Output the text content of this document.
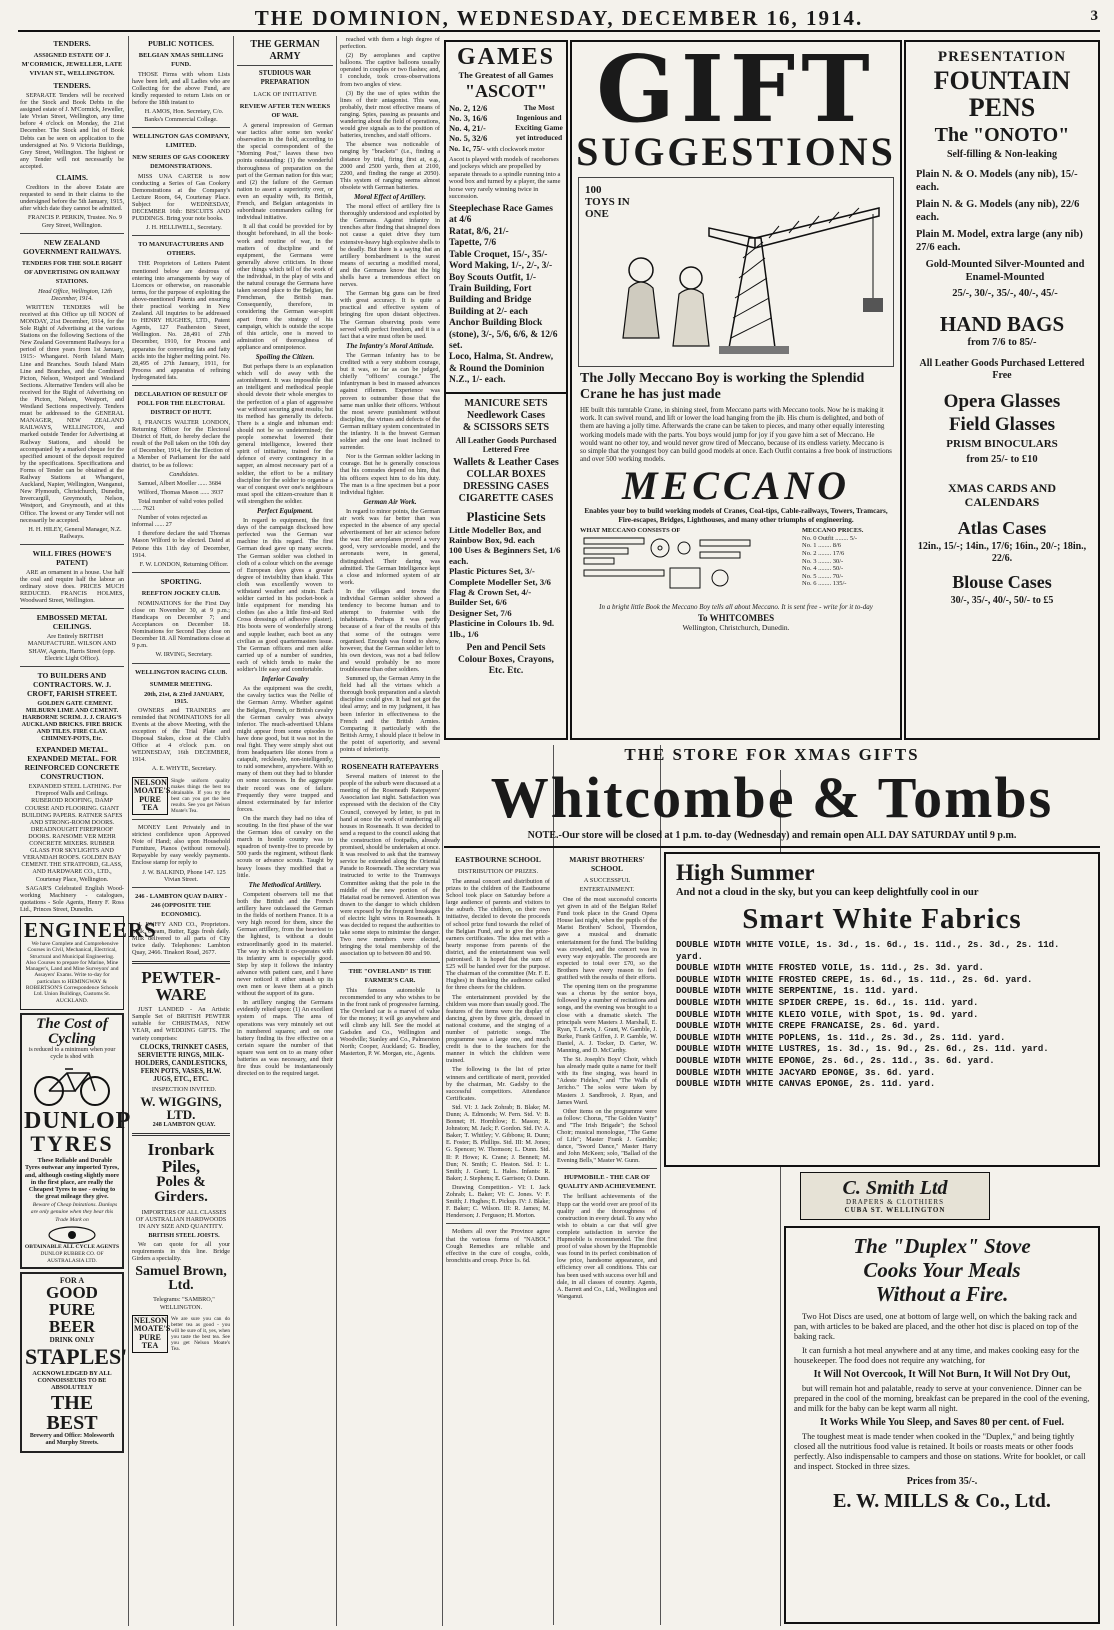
THE DOMINION, WEDNESDAY, DECEMBER 16, 1914.	3
TENDERS.
ASSIGNED ESTATE OF J. M'CORMICK, JEWELLER, LATE VIVIAN ST., WELLINGTON.
TENDERS.

SEPARATE Tenders will be received for the Stock and Book Debts in the assigned estate of J. M'Cormick, Jeweller, late Vivian Street, Wellington, any time before 4 o'clock on Monday, the 21st December. The Stock and list of Book Debts can be seen on application to the undersigned at No. 9 Victoria Buildings, Grey Street, Wellington. The highest or any Tender will not necessarily be accepted.

CLAIMS.

Creditors in the above Estate are requested to send in their claims to the undersigned before the 5th January, 1915, after which date they cannot be admitted.

FRANCIS P. PERKIN, Trustee. No. 9 Grey Street, Wellington.

NEW ZEALAND GOVERNMENT RAILWAYS.
TENDERS FOR THE SOLE RIGHT OF ADVERTISING ON RAILWAY STATIONS.

Head Office, Wellington, 12th December, 1914.

WRITTEN TENDERS will be received at this Office up till NOON of MONDAY, 21st December, 1914, for the Sole Right of Advertising at the various Stations on the following Sections of the New Zealand Government Railways for a period of three years from 1st January, 1915:- Whangarei. North Island Main Line and Branches. South Island Main Line and Branches, and the Combined Picton, Nelson, Westport and Westland Sections. Alternative Tenders will also be received for the Right of Advertising on the Picton, Nelson, Westport, and Westland Sections respectively. Tenders must be addressed to the GENERAL MANAGER, NEW ZEALAND RAILWAYS, WELLINGTON, and marked outside Tender for Advertising at Railway Stations, and should be accompanied by a marked cheque for the specified amount of the deposit required by the specifications. Specifications and Forms of Tender can be obtained at the Railway Stations at Whangarei, Auckland, Napier, Wellington, Wanganui, New Plymouth, Christchurch, Dunedin, Invercargill, Greymouth, Nelson, Westport, and Greymouth, and at this Office. The lowest or any Tender will not necessarily be accepted.

H. H. HILEY, General Manager, N.Z. Railways.

WILL FIRES (HOWE'S PATENT)

ARE an ornament in a house. Use half the coal and require half the labour an ordinary stove does. PRICES MUCH REDUCED. FRANCIS HOLMES, Woodward Street, Wellington.

EMBOSSED METAL CEILINGS.

Are Entirely BRITISH MANUFACTURE. WILSON AND SHAW, Agents, Harris Street (opp. Electric Light Office).

TO BUILDERS AND CONTRACTORS. W. J. CROFT, FARISH STREET.

GOLDEN GATE CEMENT. MILBURN LIME AND CEMENT. HARBORNE SCRIM. J. J. CRAIG'S AUCKLAND BRICKS. FIRE BRICK AND TILES. FIRE CLAY. CHIMNEY-POTS, Etc.

EXPANDED METAL. EXPANDED METAL. FOR REINFORCED CONCRETE CONSTRUCTION.

EXPANDED STEEL LATHING. For Fireproof Walls and Ceilings. RUBEROID ROOFING, DAMP COURSE AND FLOORING. GIANT BUILDING PAPERS. RATNER SAFES AND STRONG-ROOM DOORS. DREADNOUGHT FIREPROOF DOORS. RANSOME VER MEHR CONCRETE MIXERS. RUBBER GLASS FOR SKYLIGHTS AND VERANDAH ROOFS. GOLDEN BAY CEMENT. THE STRATFORD, GLASS, AND HARDWARE CO., LTD., Courtenay Place, Wellington.

SAGAR'S Celebrated English Wood-working Machinery - catalogues, quotations - Sole Agents, Henry F. Ross Ltd., Princes Street, Dunedin.

ENGINEERS

We have Complete and Comprehensive Courses in Civil, Mechanical, Electrical, Structural and Municipal Engineering. Also Courses to prepare for Marine, Mine Manager's, Land and Mine Surveyors' and Assayers' Exams. Write to-day for particulars to HEMINGWAY & ROBERTSON'S Correspondence Schools Ltd. Union Buildings, Customs St. AUCKLAND.

The Cost of Cycling
is reduced to a minimum when your cycle is shod with
DUNLOP
TYRES

These Reliable and Durable Tyres outwear any imported Tyres, and, although costing slightly more in the first place, are really the Cheapest Tyres to use - owing to the great mileage they give.

Beware of Cheap Imitations. Dunlops are only genuine when they bear this Trade Mark on

OBTAINABLE ALL CYCLE AGENTS
DUNLOP RUBBER CO. OF AUSTRALASIA LTD.
FOR A
GOOD PURE BEER
DRINK ONLY
STAPLES'
ACKNOWLEDGED BY ALL CONNOISSEURS TO BE ABSOLUTELY
THE BEST
Brewery and Office: Molesworth and Murphy Streets.
PUBLIC NOTICES.
BELGIAN XMAS SHILLING FUND.

THOSE Firms with whom Lists have been left, and all Ladies who are Collecting for the above Fund, are kindly requested to return Lists on or before the 18th instant to

H. AMOS, Hon. Secretary, C/o. Banks's Commercial College.

WELLINGTON GAS COMPANY, LIMITED.
NEW SERIES OF GAS COOKERY DEMONSTRATIONS.

MISS UNA CARTER is now conducting a Series of Gas Cookery Demonstrations at the Company's Lecture Room, 64, Courtenay Place. Subject for WEDNESDAY, DECEMBER 16th: BISCUITS AND PUDDINGS. Bring your note books.

J. H. HELLIWELL, Secretary.

TO MANUFACTURERS AND OTHERS.

THE Proprietors of Letters Patent mentioned below are desirous of entering into arrangements by way of Licences or otherwise, on reasonable terms, for the purpose of exploiting the above-mentioned Patents and ensuring their practical working in New Zealand. All inquiries to be addressed to HENRY HUGHES, LTD., Patent Agents, 127 Featherston Street, Wellington. No. 28,491 of 27th December, 1910, for Process and apparatus for converting fats and fatty acids into the higher melting point. No. 28,495 of 27th January, 1911, for Process and apparatus of refining hydrogenated fats.

DECLARATION OF RESULT OF POLL FOR THE ELECTORAL DISTRICT OF HUTT.

I, FRANCIS WALTER LONDON, Returning Officer for the Electoral District of Hutt, do hereby declare the result of the Poll taken on the 10th day of December, 1914, for the Election of a Member of Parliament for the said district, to be as follows:

Candidates.

Samuel, Albert Moeller ...... 3684

Wilford, Thomas Mason ...... 3937

Total number of valid votes polled ...... 7621

Number of votes rejected as informal ...... 27

I therefore declare the said Thomas Mason Wilford to be elected. Dated at Petone this 11th day of December, 1914.

F. W. LONDON, Returning Officer.

SPORTING.
REEFTON JOCKEY CLUB.

NOMINATIONS for the First Day close on November 30, at 9 p.m.; Handicaps on December 7; and Acceptances on December 18. Nominations for Second Day close on December 18. All Nominations close at 9 p.m.

W. IRVING, Secretary.

WELLINGTON RACING CLUB.
SUMMER MEETING.

20th, 21st, & 23rd JANUARY, 1915.

OWNERS and TRAINERS are reminded that NOMINATIONS for all Events at the above Meeting, with the exception of the Trial Plate and Disposal Stakes, close at the Club's Office at 4 o'clock p.m. on WEDNESDAY, 16th DECEMBER, 1914.

A. E. WHYTE, Secretary.

NELSON MOATE'S PURE TEA
Single uniform quality makes things the best tea obtainable. If you try the best can you get the best results. See you get Nelson Moate's Tea.

MONEY Lent Privately and in strictest confidence upon Approved Note of Hand; also upon Household Furniture, Pianos (without removal). Repayable by easy weekly payments. Enclose stamp for reply to

J. W. BALKIND, Phone 147. 125 Vivian Street.

246 - LAMBTON QUAY DAIRY - 246 (OPPOSITE THE ECONOMIC).

J. DUFFY AND CO., Proprietors. Milk, Cream, Butter, Eggs fresh daily. Milk delivered to all parts of City twice daily. Telephones: Lambton Quay, 2466. Tinakori Road, 2677.

PEWTER-WARE

JUST LANDED - An Artistic Sample Set of BRITISH PEWTER suitable for CHRISTMAS, NEW YEAR, and WEDDING GIFTS. The variety comprises:

CLOCKS, TRINKET CASES, SERVIETTE RINGS, MILK-HOLDERS, CANDLESTICKS, FERN POTS, VASES, H.W. JUGS, ETC., ETC.

INSPECTION INVITED.

W. WIGGINS, LTD.

248 LAMBTON QUAY.

Ironbark Piles,
Poles & Girders.

IMPORTERS OF ALL CLASSES OF AUSTRALIAN HARDWOODS IN ANY SIZE AND QUANTITY.

BRITISH STEEL JOISTS.

We can quote for all your requirements in this line. Bridge Girders a speciality.

Samuel Brown, Ltd.

Telegrams: "SAMBRO," WELLINGTON.

NELSON MOATE'S PURE TEA
We are sure you can do better tea as good - you will be sure of it, yes, when you taste the best tea. See you get Nelson Moate's Tea.
THE GERMAN ARMY
STUDIOUS WAR PREPARATION
LACK OF INITIATIVE
REVIEW AFTER TEN WEEKS OF WAR.

A general impression of German war tactics after some ten weeks' observation in the field, according to the special correspondent of the "Morning Post," leaves these two points outstanding: (1) the wonderful thoroughness of preparation on the part of the German nation for this war; and (2) the failure of the German nation to assert a superiority over, or even an equality with, its British, French, and Belgian antagonists in subordinate commanders calling for individual initiative.

It all that could be provided for by thought beforehand, in all the book-work and routine of war, in the matters of discipline and of equipment, the Germans were generally above criticism. In those other things which tell of the work of the individual, in the play of wits and the natural courage the Germans have taken second place to the Belgian, the Frenchman, the British man. Consequently, therefore, in considering the German war-spirit apart from the strategy of his campaign, which is outside the scope of this article, one is moved to admiration of thoroughness of appliance and omnipotence.

Spoiling the Citizen.

But perhaps there is an explanation which will do away with the astonishment. It was impossible that an intelligent and methodical people should devote their whole energies to the perfection of a plan of aggressive war without securing great results; but its method has generally its defects. There is a single and inhuman end: should not be so undetermined; the people somewhat lowered their general intelligence, lowered their spirit of initiative, trained for the defence of every contingency in a sapper, an almost necessary part of a soldier, the effort to be a military discipline for the soldier to organise a war of conquest over one's neighbours must spoil the citizen-creature than it will strengthen the soldier.

Perfect Equipment.

In regard to equipment, the first days of the campaign disclosed how perfected was the German war machine in this regard. The first German dead gave up many secrets. The German soldier was clothed in cloth of a colour which on the average of European days gives a greater degree of invisibility than khaki. This cloth was excellently woven to withstand weather and strain. Each soldier carried in his pocket-book a little equipment for mending his clothes (as also a little first-aid Red Cross dressings of adhesive plaster). His boots were of wonderfully strong and supple leather, each boot as any civilian as good quartermasters issue. The German officers and men alike carried up of a number of sundries, each of which tends to make the soldier's life easy and comfortable.

Inferior Cavalry

As the equipment was the credit, the cavalry tactics was the Nellie of the German Army. Whether against the Belgian, French, or British cavalry the German cavalry was always inferior. The much-advertised Uhlans might appear from some episodes to have done good, but it was not in the real fight. They were simply shot out from headquarters like stones from a catapult, recklessly, non-intelligently, to raid somewhere, anywhere. With so many of them out they had to blunder on some successes. In the aggregate their record was one of failure. Frequently they were trapped and almost exterminated by far inferior forces.

On the march they had no idea of scouting. In the first phase of the war the German idea of cavalry on the march in hostile country was to squadron of twenty-five to precede by 500 yards the regiment, without flank scouts or advance scouts. Taught by heavy losses they modified that a little.

The Methodical Artillery.

Competent observers tell me that both the British and the French artillery have outclassed the German in the fields of northern France. It is a very high record for them, since the German artillery, from the heaviest to the lightest, is without a doubt extraordinarily good in its materiel. The way in which it co-operates with its infantry arm is especially good. Step by step it follows the infantry advance with patient care, and I have never noticed it either smash up its own men or leave them at a pinch without the support of its guns.

In artillery ranging the Germans evidently relied upon: (1) An excellent system of maps. The area of operations was very minutely set out in numbered squares; and on one battery finding its five effective on a certain square the number of that square was sent on to as many other batteries as was necessary, and their fire thus could be instantaneously directed on to the required target.

reached with them a high degree of perfection.

(2) By aeroplanes and captive balloons. The captive balloons usually operated in couples or two flashes; and, I conclude, took cross-observations from two angles of view.

(3) By the use of spies within the lines of their antagonist. This was, probably, their most effective means of ranging. Spies, passing as peasants and wandering about the field of operations, would give signals as to the position of batteries, trenches, and staff officers.

The absence was noticeable of ranging by "brackets" (i.e., finding a distance by trial, firing first at, e.g., 2000 and 2500 yards, then at 2100, 2200, and finding the range at 2050). This system of ranging seems almost obsolete with German batteries.

Moral Effect of Artillery.

The moral effect of artillery fire is thoroughly understood and exploited by the Germans. Against infantry in trenches after finding that shrapnel does not cause a quiet drive they turn extensive-heavy high explosive shells to be deadly. But there is a saying that an artillery bombardment is the surest means of securing a modified moral, and the Germans know that the big shells have a tremendous effect on nerves.

The German big guns can be fired with great accuracy. It is quite a practical and effective system of bringing fire upon distant objectives. The German observing posts were served with perfect freedom, and it is a fact that a wire must often be used.

The Infantry's Moral Attitude.

The German infantry has to be credited with a very stubborn courage, but it was, so far as can be judged, chiefly "officers' courage." The infantryman is best in massed advances against riflemen. Experience was proven to outnumber those that the same man unlike their officers. Without the most severe punishment without discipline, the virtues and defects of the German military system concentrated in the infantry. It is the bravest German soldier and the one least inclined to surrender.

Nor is the German soldier lacking in courage. But he is generally conscious that his comrades depend on him, that his officers expect him to do his duty. The man is a fine specimen but a poor individual fighter.

German Air Work.

In regard to minor points, the German air work was far better than was expected in the absence of any special advertisement of her air science before the war. Her aeroplanes proved a very good, very serviceable model, and the aeronauts were, in general, distinguished. Their daring was admitted. The German Intelligence kept a close and informed system of air work.

In the villages and towns the individual German soldier showed a tendency to become human and to attempt to fraternise with the inhabitants. Perhaps it was partly because of a fear of the results of this that some of the outrages were organised. Enough was found to show, however, that the German soldier left to his own devices, was not a bad fellow and would probably be no more troublesome than other soldiers.

Summed up, the German Army in the field had all the virtues which a thorough book preparation and a slavish discipline could give. It had not got the ideal army; and in my judgment, it has been inferior in effectiveness to the French and the British Armies. Comparing it particularly with the British Army, I should place it below in the point of superiority, and several points of inferiority.

ROSENEATH RATEPAYERS

Several matters of interest to the people of the suburb were discussed at a meeting of the Roseneath Ratepayers' Association last night. Satisfaction was expressed with the decision of the City Council, conveyed by letter, to put in hand at once the work of numbering all houses in Roseneath. It was decided to send a request to the council asking that the construction of footpaths, already promised, should be undertaken at once. It was resolved to ask that the tramway service be extended along the Oriental Parade to Roseneath. The secretary was instructed to write to the Tramways Committee asking that the pole in the middle of the new portion of the Hataitai road be removed. Attention was drawn to the danger to which children were exposed by the frequent breakages of electric light wires in Roseneath. It was decided to request the authorities to take some steps to minimise the danger. Two new members were elected, bringing the total membership of the association up to between 80 and 90.

THE "OVERLAND" IS THE FARMER'S CAR.

This famous automobile is recommended to any who wishes to be in the front rank of progressive farming. The Overland car is a marvel of value for the money; it will go anywhere and will climb any hill. See the model at Gadsden and Co., Wellington and Woodville; Stanley and Co., Palmerston North; Cooper, Auckland; G. Bradley, Masterton, P. W. Morgan, etc., Agents.

GAMES
The Greatest of all Games
"ASCOT"
No. 2, 12/6
No. 3, 16/6
No. 4, 21/-
No. 5, 32/6
The Most Ingenious and Exciting Game yet introduced
No. 1c, 75/- with clockwork motor

Ascot is played with models of racehorses and jockeys which are propelled by separate threads to a spindle running into a wood box and turned by a player, the same horse very rarely winning twice in succession.

Steeplechase Race Games at 4/6
Ratat, 8/6, 21/-
Tapette, 7/6
Table Croquet, 15/-, 35/-
Word Making, 1/-, 2/-, 3/-
Boy Scouts Outfit, 1/-
Train Building, Fort Building and Bridge Building at 2/- each
Anchor Building Block (stone), 3/-, 5/6, 6/6, & 12/6 set.
Loco, Halma, St. Andrew, & Round the Dominion N.Z., 1/- each.
MANICURE SETS
Needlework Cases
& SCISSORS SETS
All Leather Goods Purchased Lettered Free
Wallets & Leather Cases
COLLAR BOXES
DRESSING CASES
CIGARETTE CASES
Plasticine Sets
Little Modeller Box, and Rainbow Box, 9d. each
100 Uses & Beginners Set, 1/6 each.
Plastic Pictures Set, 3/-
Complete Modeller Set, 3/6
Flag & Crown Set, 4/-
Builder Set, 6/6
Designer Set, 7/6
Plasticine in Colours 1b. 9d. 1lb., 1/6
Pen and Pencil Sets
Colour Boxes, Crayons,
Etc. Etc.
GIFT
SUGGESTIONS
100 TOYS IN ONE
The Jolly Meccano Boy is working the Splendid Crane he has just made

HE built this turntable Crane, in shining steel, from Meccano parts with Meccano tools. Now he is making it work. It can swivel round, and lift or lower the load hanging from the jib. His chum is delighted, and both of them are having a jolly time. Afterwards the crane can be taken to pieces, and many other equally interesting working models made with the parts. You boys would jump for joy if you gave him a set of Meccano. He would want no other toy, and would never grow tired of Meccano, because of its endless variety. Meccano is so simple that the youngest boy can build good models at once. Each Outfit contains a free book of instructions and over 500 working models.

MECCANO

Enables your boy to build working models of Cranes, Coal-tips, Cable-railways, Towers, Tramcars, Fire-escapes, Bridges, Lighthouses, and many other triumphs of engineering.

WHAT MECCANO CONSISTS OF	MECCANO PRICES.
No. 0 Outfit ........ 5/-
No. 1 ........ 8/6
No. 2 ........ 17/6
No. 3 ........ 30/-
No. 4 ........ 50/-
No. 5 ........ 70/-
No. 6 ........ 135/-

In a bright little Book the Meccano Boy tells all about Meccano. It is sent free - write for it to-day

To WHITCOMBES
Wellington, Christchurch, Dunedin.
PRESENTATION
FOUNTAIN PENS
The "ONOTO"
Self-filling & Non-leaking
Plain N. & O. Models (any nib), 15/- each.
Plain N. & G. Models (any nib), 22/6 each.
Plain M. Model, extra large (any nib) 27/6 each.
Gold-Mounted Silver-Mounted and Enamel-Mounted
25/-, 30/-, 35/-, 40/-, 45/-
HAND BAGS
from 7/6 to 85/-
All Leather Goods Purchased Lettered Free
Opera Glasses
Field Glasses
PRISM BINOCULARS
from 25/- to £10
XMAS CARDS AND CALENDARS
Atlas Cases
12in., 15/-; 14in., 17/6; 16in., 20/-; 18in., 22/6.
Blouse Cases
30/-, 35/-, 40/-, 50/- to £5
THE STORE FOR XMAS GIFTS
Whitcombe & Tombs
NOTE.-Our store will be closed at 1 p.m. to-day (Wednesday) and remain open ALL DAY SATURDAY until 9 p.m.
EASTBOURNE SCHOOL
DISTRIBUTION OF PRIZES.

The annual concert and distribution of prizes to the children of the Eastbourne School took place on Saturday before a large audience of parents and visitors to the suburb. The children, on their own initiative, decided to devote the proceeds of school prize fund towards the relief of the Belgian Fund, and to give the prize-earners certificates. The idea met with a hearty response from parents of the district, and the entertainment was well patronised. It is hoped that the sum of £25 will be handed over for the purpose. The chairman of the committee (Mr. F. E. Hughes) in thanking the audience called for three cheers for the children.

The entertainment provided by the children was more than usually good. The features of the items were the display of dancing, given by three girls, dressed in national costume, and the singing of a number of patriotic songs. The programme was a large one, and much credit is due to the teachers for the manner in which the children were trained.

The following is the list of prize winners and certificate of merit, provided by the chairman, Mr. Gadsby to the successful competitors. Attendance Certificates.

Std. VI: J. Jack Zohrab; B. Blake; M. Dunn; A. Edmonds; W. Fern. Std. V: B. Bonnet; H. Hornblow; E. Mason; R. Johnston; M. Jack; F. Gordon. Std. IV: A. Baker; T. Whitley; V. Gibbons; R. Dunn; E. Foster; B. Phillips. Std. III: M. Jones; G. Spencer; W. Thomson; L. Dunn. Std. II: P. Howe; K. Crane; J. Bennett; M. Dun; N. Smith; C. Heaton. Std. I: L. Smith; J. Grant; L. Hales. Infants: R. Baker; J. Stephens; E. Garrison; O. Dunn.

Drawing Competition.- VI: I. Jack Zohrab; L. Baker; VI: C. Jones. V: F. Smith; J. Hughes; E. Pickup. IV: J. Blake; F. Baker; C. Wilson. III: R. James; M. Henderson; J. Ferguson; H. Morton.

Mothers all over the Province agree that the various forms of "NABOL" Cough Remedies are reliable and effective in the cure of coughs, colds, bronchitis and croup. Price 1s. 6d.

MARIST BROTHERS' SCHOOL
A SUCCESSFUL ENTERTAINMENT.

One of the most successful concerts yet given in aid of the Belgian Relief Fund took place in the Grand Opera House last night, when the pupils of the Marist Brothers' School, Thorndon, gave a musical and dramatic entertainment for the fund. The building was crowded, and the concert was in every way enjoyable. The proceeds are expected to total over £70, so the Brothers have every reason to feel gratified with the results of their efforts.

The opening item on the programme was a chorus by the senior boys, followed by a number of recitations and songs, and the evening was brought to a close with a dramatic sketch. The principals were Masters J. Marshall, E. Ryan, T. Lewis, J. Grant, W. Gamble, J. Burke, Frank Griffen, J. P. Gamble, W. Daniel, A. J. Tocker, D. Carter, W. Manning, and D. McCarthy.

The St. Joseph's Boys' Choir, which has already made quite a name for itself with its fine singing, was heard in "Adeste Fideles," and "The Walls of Jericho." The solos were taken by Masters J. Sandbrook, J. Ryan, and James Ward.

Other items on the programme were as follow: Chorus, "The Golden Vanity" and "The Irish Brigade"; the School Choir; musical monologue, "The Game of Life"; Master Frank J. Gamble; dance, "Sword Dance," Master Harry and John McKeen; solo, "Ballad of the Evening Bells," Master W. Gunn.

HUPMOBILE - THE CAR OF QUALITY AND ACHIEVEMENT.

The brilliant achievements of the Hupp car the world over are proof of its quality and the thoroughness of construction in every detail. To any who wish to obtain a car that will give complete satisfaction in service the Hupmobile is recommended. The first proof of value shown by the Hupmobile was found in its perfect combination of low price, handsome appearance, and efficiency over all conditions. This car has been used with success over hill and dale, in all classes of country. Agents, A. Barrett and Co., Ltd., Wellington and Wanganui.

High Summer
And not a cloud in the sky, but you can keep delightfully cool in our
Smart White Fabrics
DOUBLE WIDTH WHITE VOILE, 1s. 3d., 1s. 6d., 1s. 11d., 2s. 3d., 2s. 11d. yard.
DOUBLE WIDTH WHITE FROSTED VOILE, 1s. 11d., 2s. 3d. yard.
DOUBLE WIDTH WHITE FROSTED CREPE, 1s. 6d., 1s. 11d., 2s. 6d. yard.
DOUBLE WIDTH WHITE SERPENTINE, 1s. 11d. yard.
DOUBLE WIDTH WHITE SPIDER CREPE, 1s. 6d., 1s. 11d. yard.
DOUBLE WIDTH WHITE KLEIO VOILE, with Spot, 1s. 9d. yard.
DOUBLE WIDTH WHITE CREPE FRANCAISE, 2s. 6d. yard.
DOUBLE WIDTH WHITE POPLENS, 1s. 11d., 2s. 3d., 2s. 11d. yard.
DOUBLE WIDTH WHITE LUSTRES, 1s. 3d., 1s. 9d., 2s. 6d., 2s. 11d. yard.
DOUBLE WIDTH WHITE EPONGE, 2s. 6d., 2s. 11d., 3s. 6d. yard.
DOUBLE WIDTH WHITE JACYARD EPONGE, 3s. 6d. yard.
DOUBLE WIDTH WHITE CANVAS EPONGE, 2s. 11d. yard.
C. Smith Ltd
DRAPERS & CLOTHIERS
CUBA ST. WELLINGTON
The "Duplex" Stove
Cooks Your Meals
Without a Fire.

Two Hot Discs are used, one at bottom of large well, on which the baking rack and pan, with articles to be baked are placed, and the other hot disc is placed on top of the baking rack.

It can furnish a hot meal anywhere and at any time, and makes cooking easy for the housekeeper. The food does not require any watching, for

It Will Not Overcook, It Will Not Burn, It Will Not Dry Out,

but will remain hot and palatable, ready to serve at your convenience. Dinner can be prepared in the cool of the morning, breakfast can be prepared in the cool of the evening, and milk for the baby can be kept warm all night.

It Works While You Sleep, and Saves 80 per cent. of Fuel.

The toughest meat is made tender when cooked in the "Duplex," and being tightly closed all the nutritious food value is retained. It boils or roasts meats or other foods perfectly. Also indispensable to campers and those on stations. Write for booklet, or call and inspect. Stocked in three sizes.

Prices from 35/-.
E. W. MILLS & Co., Ltd.
